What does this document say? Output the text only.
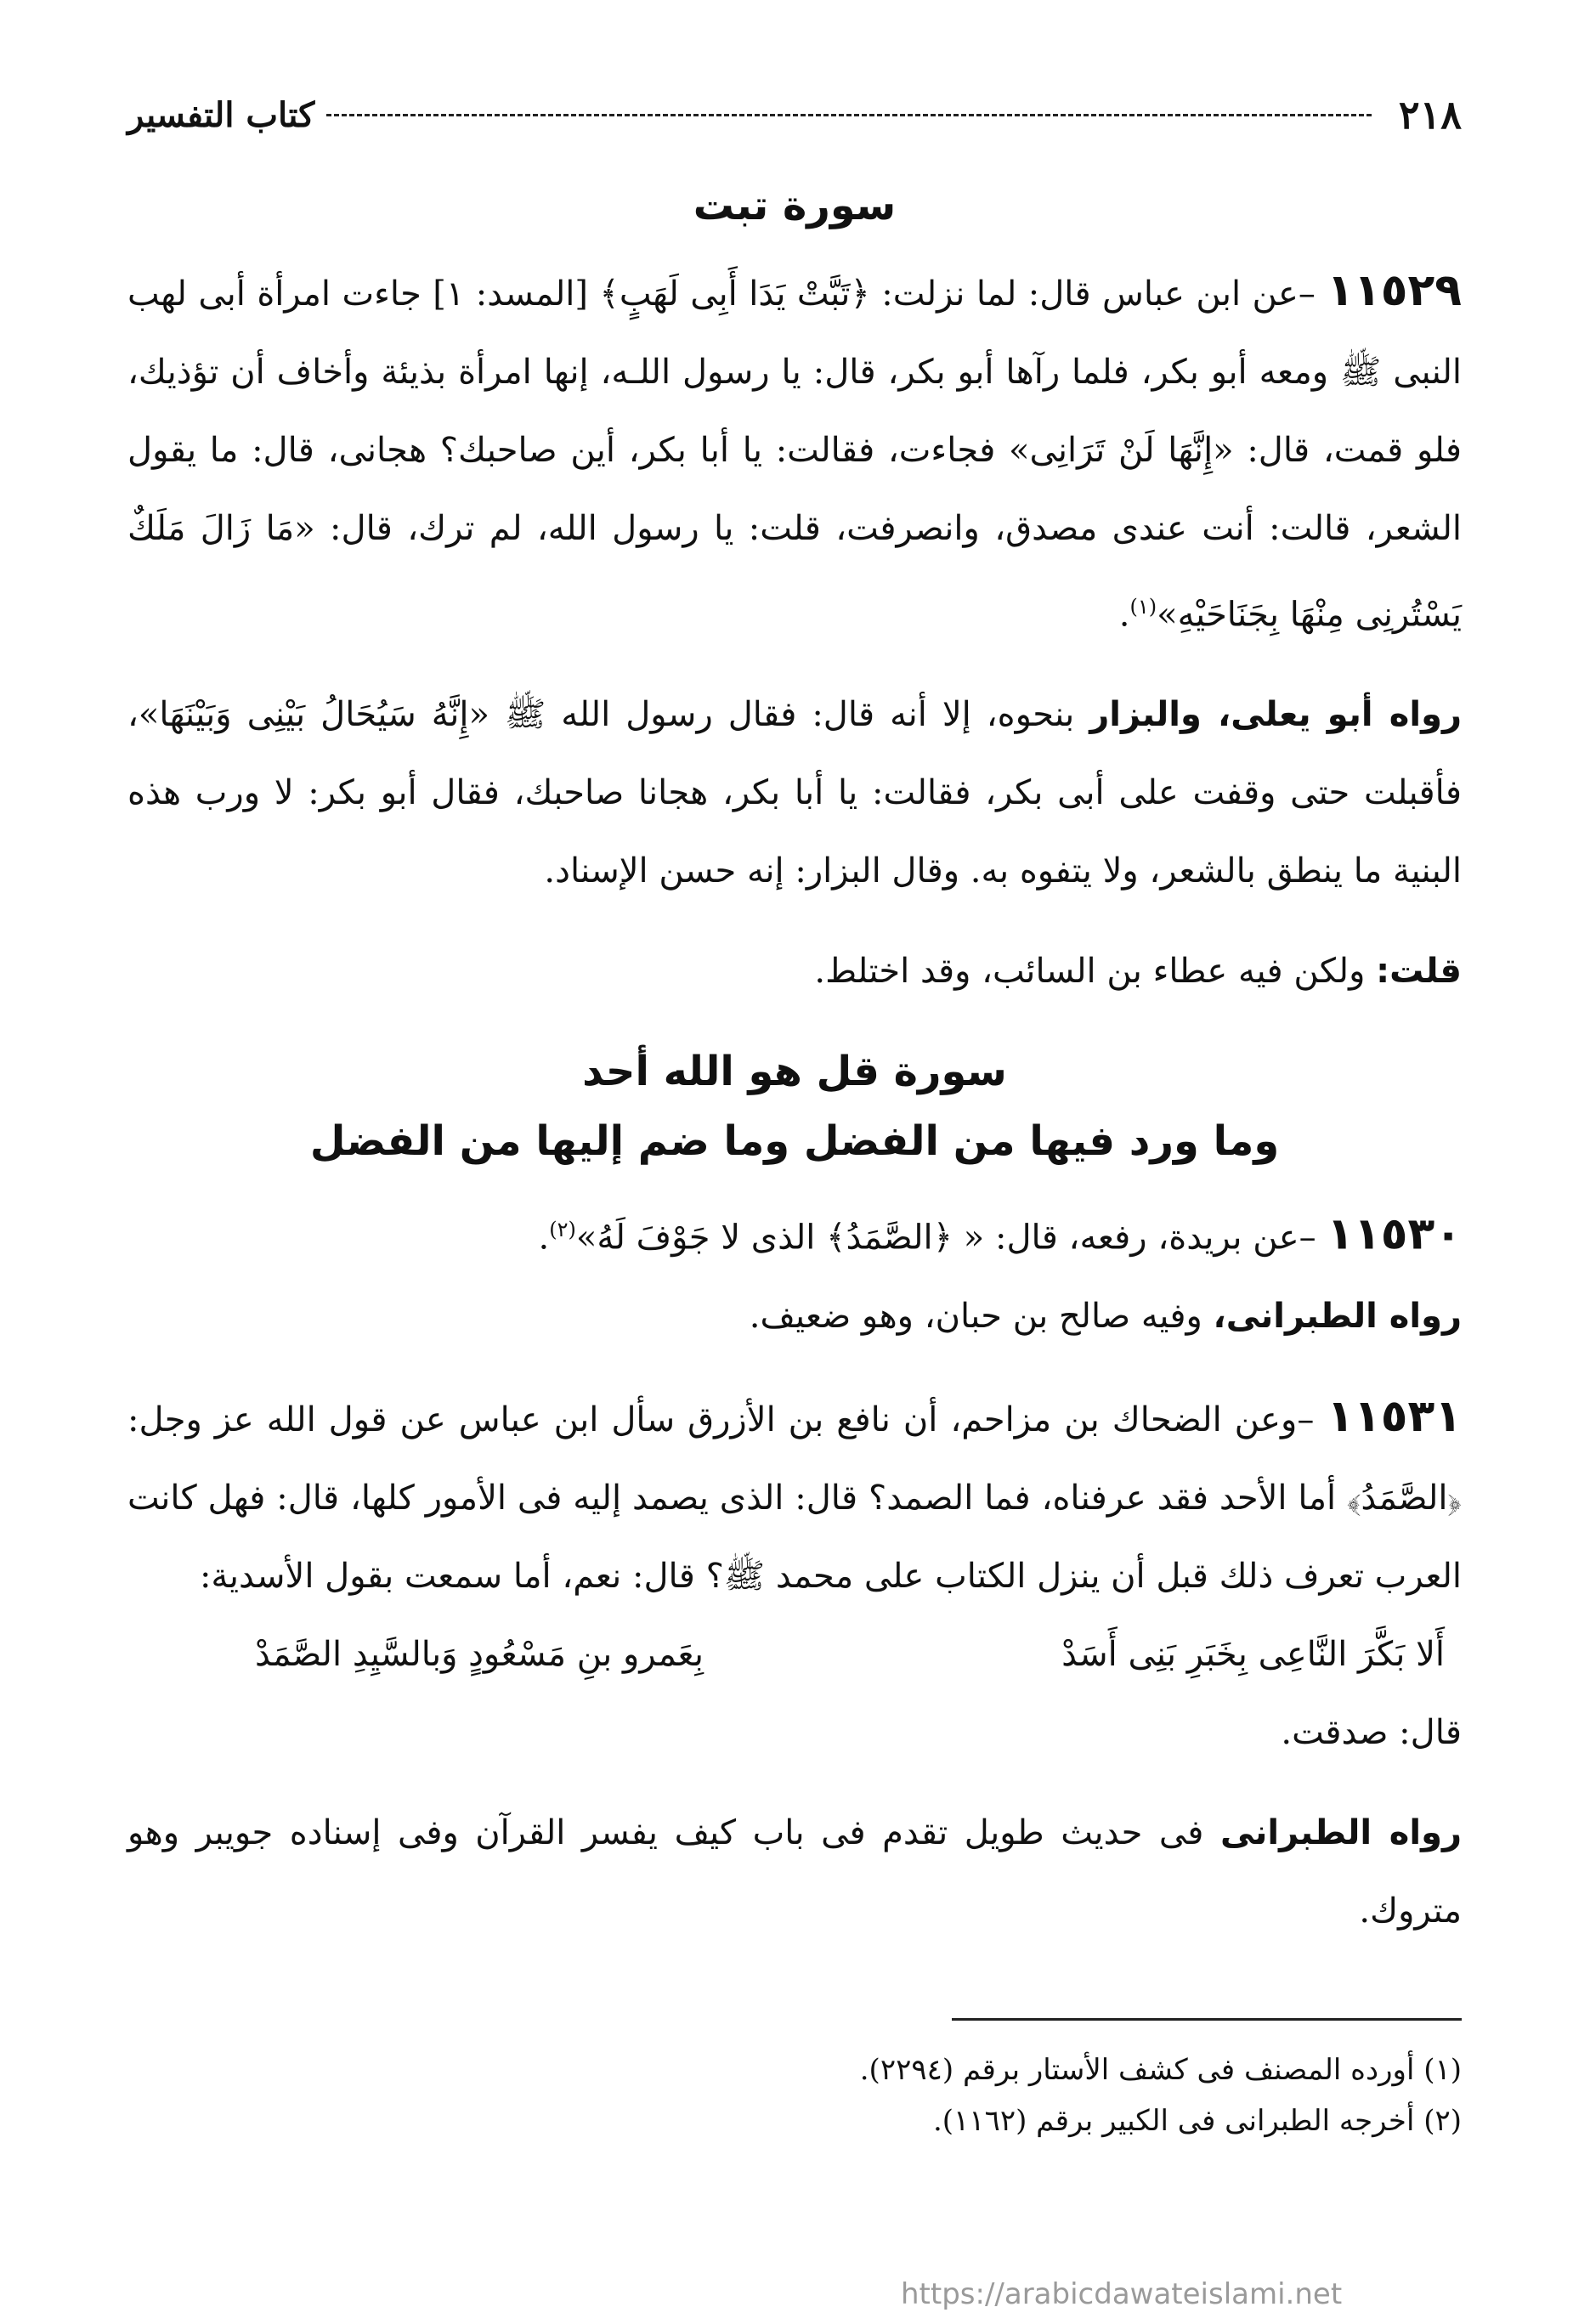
٢١٨
كتاب التفسير
سورة تبت

١١٥٢٩ –عن ابن عباس قال: لما نزلت: ﴿تَبَّتْ يَدَا أَبِى لَهَبٍ﴾ [المسد: ١] جاءت امرأة أبى لهب النبى ﷺ ومعه أبو بكر، فلما رآها أبو بكر، قال: يا رسول اللـه، إنها امرأة بذيئة وأخاف أن تؤذيك، فلو قمت، قال: «إِنَّهَا لَنْ تَرَانِى» فجاءت، فقالت: يا أبا بكر، أين صاحبك؟ هجانى، قال: ما يقول الشعر، قالت: أنت عندى مصدق، وانصرفت، قلت: يا رسول الله، لم ترك، قال: «مَا زَالَ مَلَكٌ يَسْتُرنِى مِنْهَا بِجَنَاحَيْهِ»$^{(١)}$.

رواه أبو يعلى، والبزار بنحوه، إلا أنه قال: فقال رسول الله ﷺ «إِنَّهُ سَيُحَالُ بَيْنِى وَبَيْنَهَا»، فأقبلت حتى وقفت على أبى بكر، فقالت: يا أبا بكر، هجانا صاحبك، فقال أبو بكر: لا ورب هذه البنية ما ينطق بالشعر، ولا يتفوه به. وقال البزار: إنه حسن الإسناد.

قلت: ولكن فيه عطاء بن السائب، وقد اختلط.

سورة قل هو الله أحد
وما ورد فيها من الفضل وما ضم إليها من الفضل

١١٥٣٠ –عن بريدة، رفعه، قال: « ﴿الصَّمَدُ﴾ الذى لا جَوْفَ لَهُ»$^{(٢)}$.

رواه الطبرانى، وفيه صالح بن حبان، وهو ضعيف.

١١٥٣١ –وعن الضحاك بن مزاحم، أن نافع بن الأزرق سأل ابن عباس عن قول الله عز وجل: ﴿الصَّمَدُ﴾ أما الأحد فقد عرفناه، فما الصمد؟ قال: الذى يصمد إليه فى الأمور كلها، قال: فهل كانت العرب تعرف ذلك قبل أن ينزل الكتاب على محمد ﷺ؟ قال: نعم، أما سمعت بقول الأسدية:

أَلا بَكَّرَ النَّاعِى بِخَبَرِ بَنِى أَسَدْ
بِعَمرو بنِ مَسْعُودٍ وَبالسَّيِدِ الصَّمَدْ

قال: صدقت.

رواه الطبرانى فى حديث طويل تقدم فى باب كيف يفسر القرآن وفى إسناده جويبر وهو متروك.

(١) أورده المصنف فى كشف الأستار برقم (٢٢٩٤).

(٢) أخرجه الطبرانى فى الكبير برقم (١١٦٢).

https://arabicdawateislami.net
